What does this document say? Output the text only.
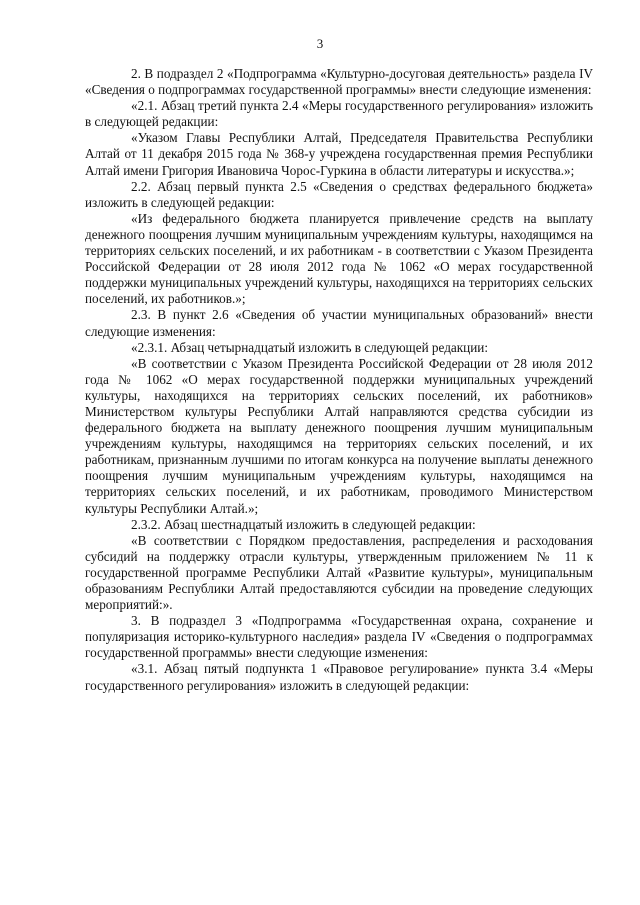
3

2. В подраздел 2 «Подпрограмма «Культурно-досуговая деятельность» раздела IV «Сведения о подпрограммах государственной программы» внести следующие изменения:

«2.1. Абзац третий пункта 2.4 «Меры государственного регулирования» изложить в следующей редакции:

«Указом Главы Республики Алтай, Председателя Правительства Республики Алтай от 11 декабря 2015 года № 368-у учреждена государственная премия Республики Алтай имени Григория Ивановича Чорос-Гуркина в области литературы и искусства.»;

2.2. Абзац первый пункта 2.5 «Сведения о средствах федерального бюджета» изложить в следующей редакции:

«Из федерального бюджета планируется привлечение средств на выплату денежного поощрения лучшим муниципальным учреждениям культуры, находящимся на территориях сельских поселений, и их работникам - в соответствии с Указом Президента Российской Федерации от 28 июля 2012 года № 1062 «О мерах государственной поддержки муниципальных учреждений культуры, находящихся на территориях сельских поселений, их работников.»;

2.3. В пункт 2.6 «Сведения об участии муниципальных образований» внести следующие изменения:

«2.3.1. Абзац четырнадцатый изложить в следующей редакции:

«В соответствии с Указом Президента Российской Федерации от 28 июля 2012 года № 1062 «О мерах государственной поддержки муниципальных учреждений культуры, находящихся на территориях сельских поселений, их работников» Министерством культуры Республики Алтай направляются средства субсидии из федерального бюджета на выплату денежного поощрения лучшим муниципальным учреждениям культуры, находящимся на территориях сельских поселений, и их работникам, признанным лучшими по итогам конкурса на получение выплаты денежного поощрения лучшим муниципальным учреждениям культуры, находящимся на территориях сельских поселений, и их работникам, проводимого Министерством культуры Республики Алтай.»;

2.3.2. Абзац шестнадцатый изложить в следующей редакции:

«В соответствии с Порядком предоставления, распределения и расходования субсидий на поддержку отрасли культуры, утвержденным приложением № 11 к государственной программе Республики Алтай «Развитие культуры», муниципальным образованиям Республики Алтай предоставляются субсидии на проведение следующих мероприятий:».

3. В подраздел 3 «Подпрограмма «Государственная охрана, сохранение и популяризация историко-культурного наследия» раздела IV «Сведения о подпрограммах государственной программы» внести следующие изменения:

«3.1. Абзац пятый подпункта 1 «Правовое регулирование» пункта 3.4 «Меры государственного регулирования» изложить в следующей редакции:
